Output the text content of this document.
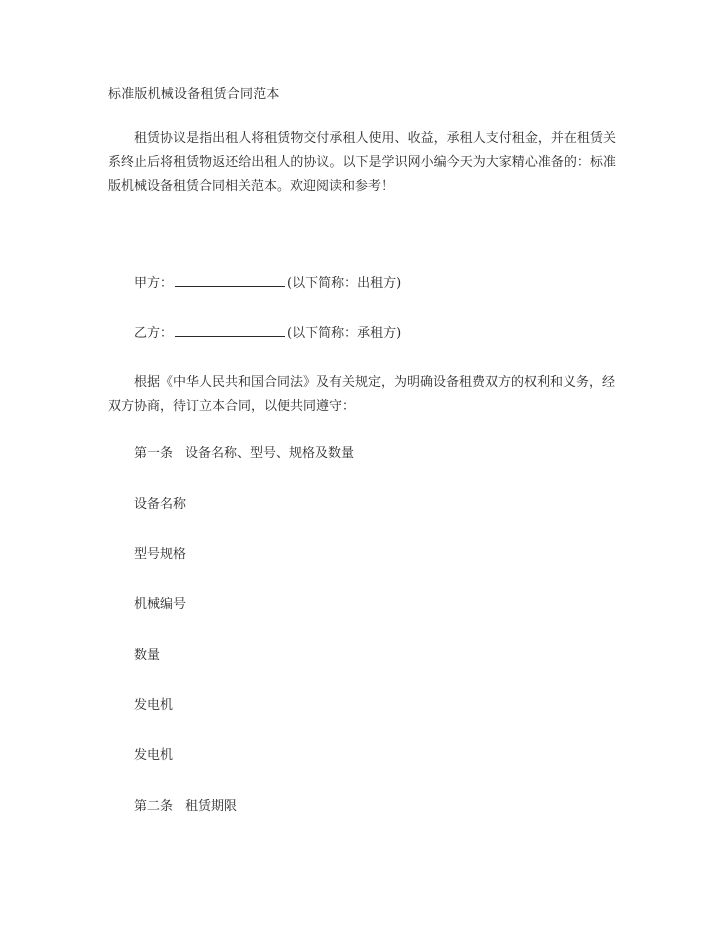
标准版机械设备租赁合同范本

租赁协议是指出租人将租赁物交付承租人使用、收益，承租人支付租金，并在租赁关系终止后将租赁物返还给出租人的协议。以下是学识网小编今天为大家精心准备的：标准版机械设备租赁合同相关范本。欢迎阅读和参考！

甲方：	(以下简称：出租方)

乙方：	(以下简称：承租方)

根据《中华人民共和国合同法》及有关规定，为明确设备租费双方的权利和义务，经双方协商，待订立本合同，以便共同遵守：

第一条 设备名称、型号、规格及数量

设备名称

型号规格

机械编号

数量

发电机

发电机

第二条 租赁期限
